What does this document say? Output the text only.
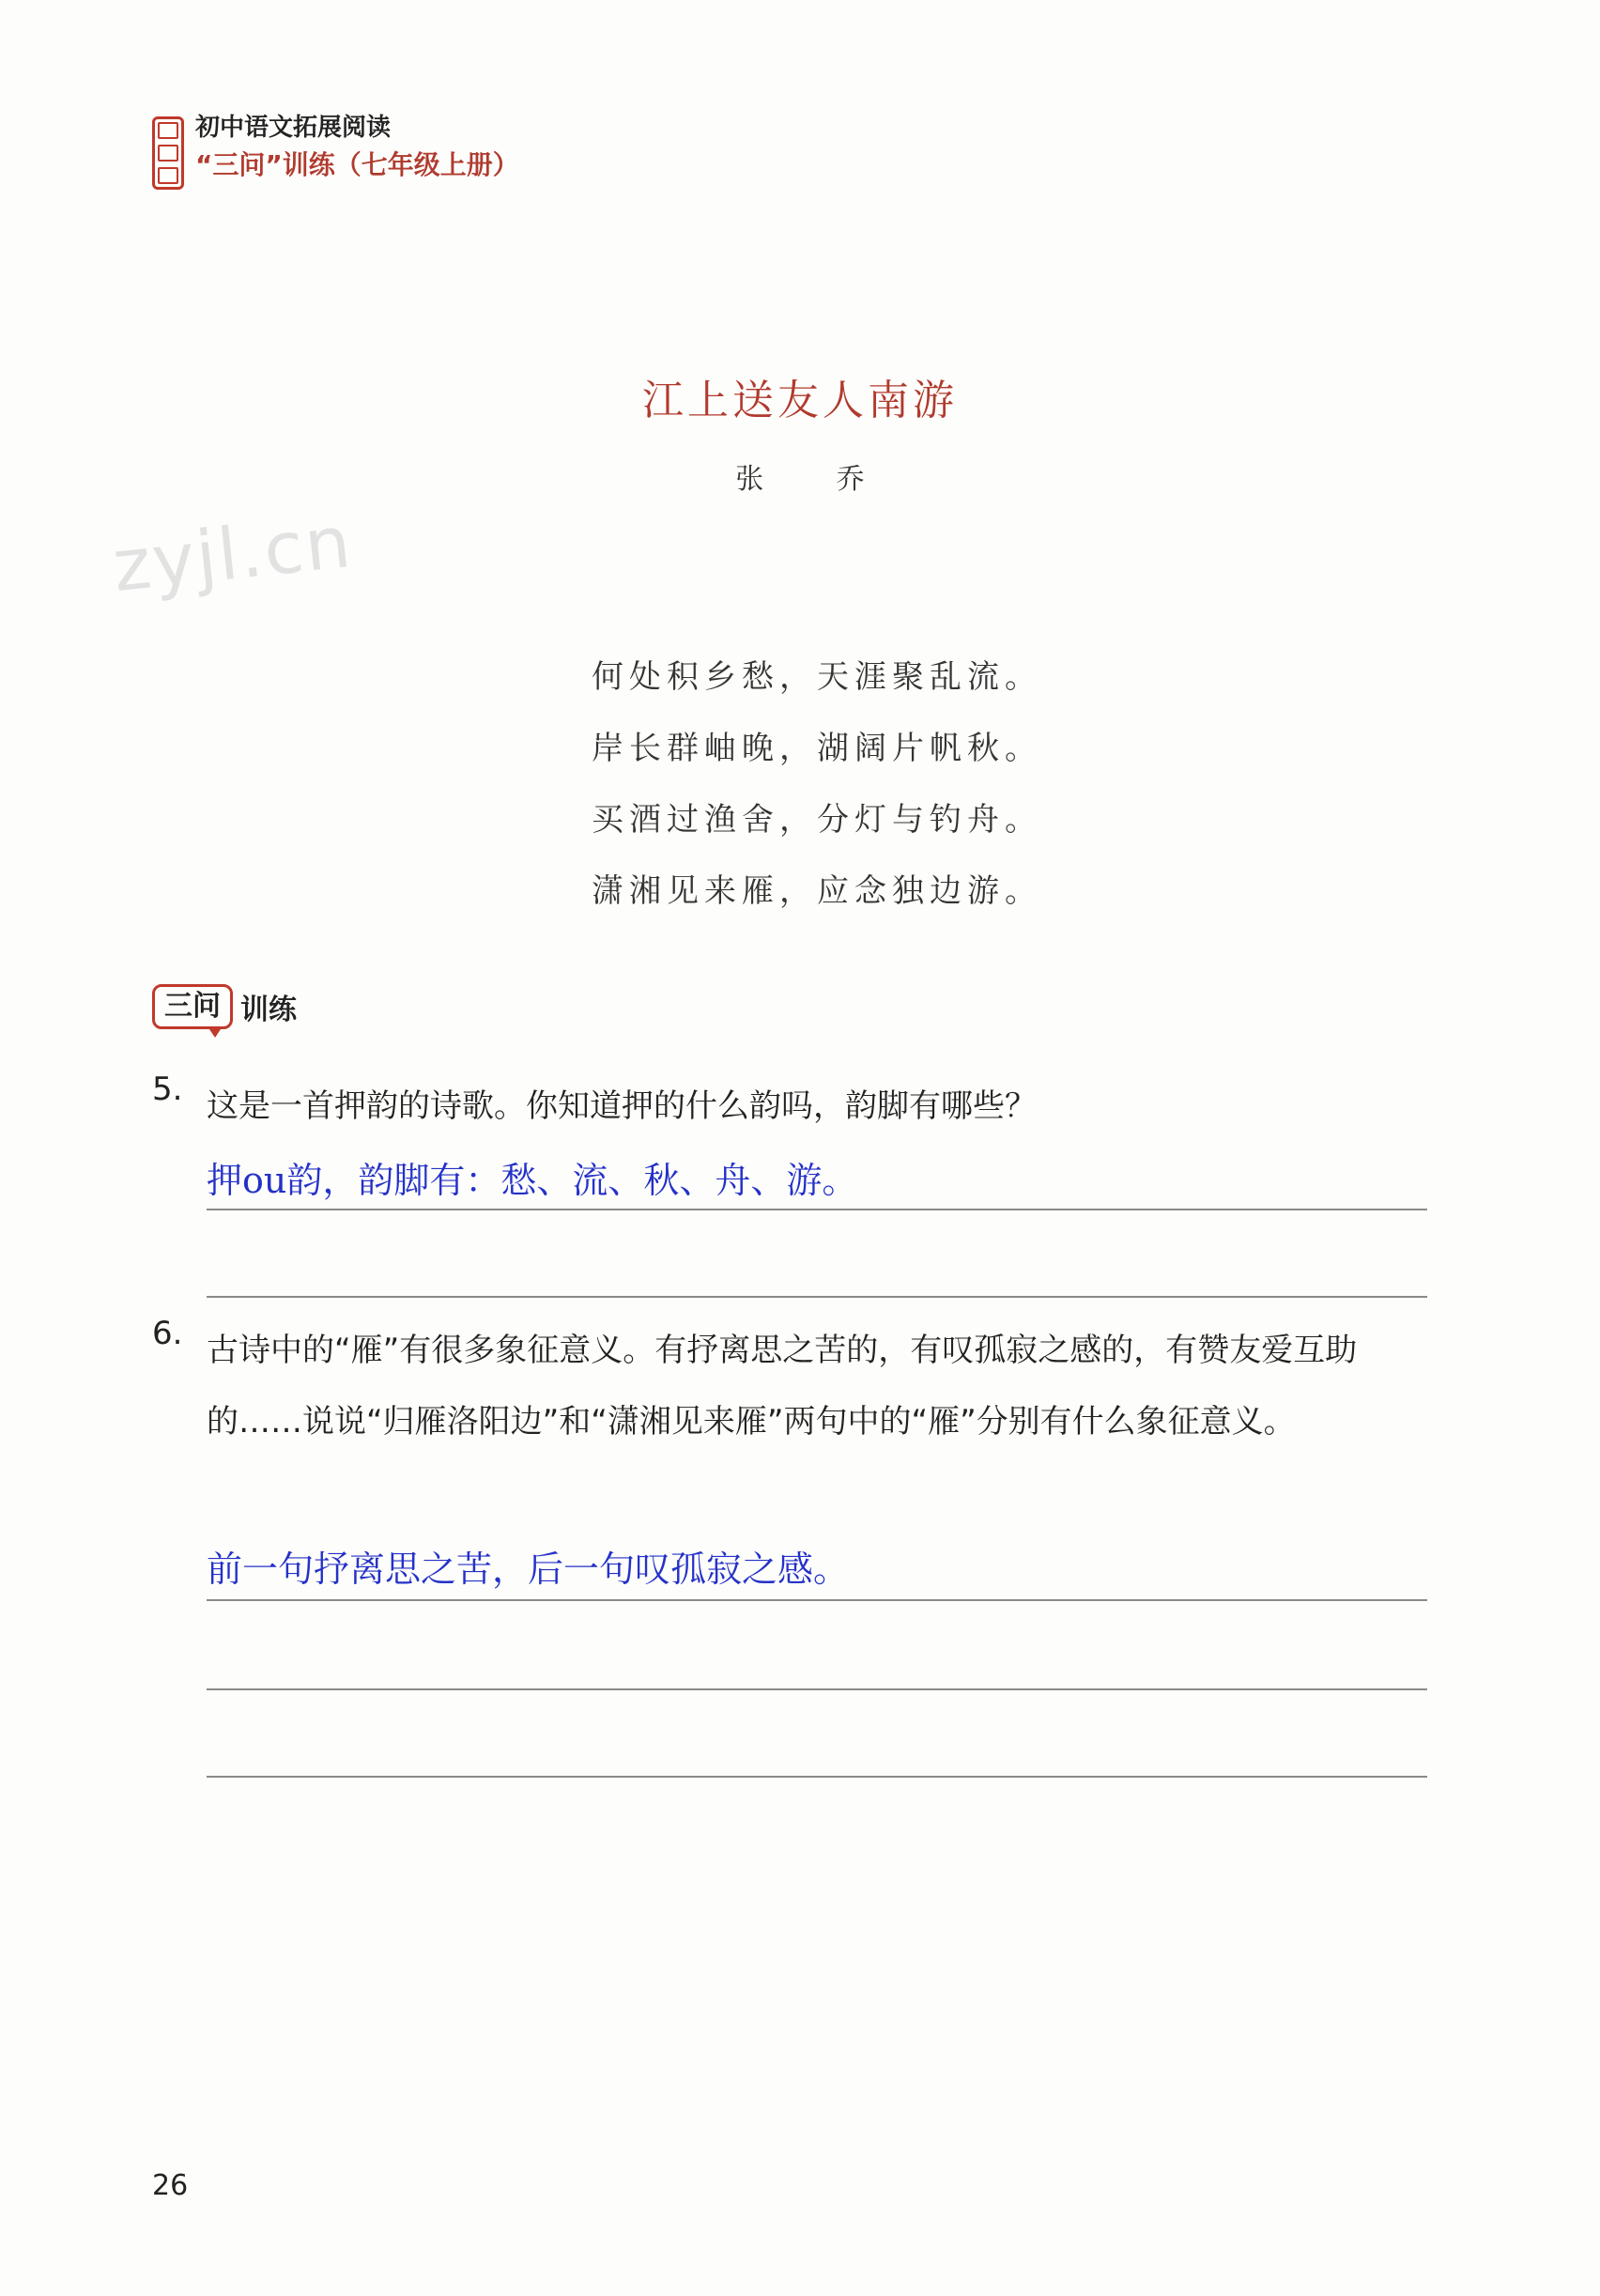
初中语文拓展阅读
“三问”训练（七年级上册）
zyjl.cn
江上送友人南游
张 乔
何处积乡愁，天涯聚乱流。
岸长群岫晚，湖阔片帆秋。
买酒过渔舍，分灯与钓舟。
潇湘见来雁，应念独边游。
三问 训练
5. 这是一首押韵的诗歌。你知道押的什么韵吗，韵脚有哪些？
押ou韵，韵脚有：愁、流、秋、舟、游。
6. 古诗中的“雁”有很多象征意义。有抒离思之苦的，有叹孤寂之感的，有赞友爱互助的……说说“归雁洛阳边”和“潇湘见来雁”两句中的“雁”分别有什么象征意义。
前一句抒离思之苦，后一句叹孤寂之感。
26
